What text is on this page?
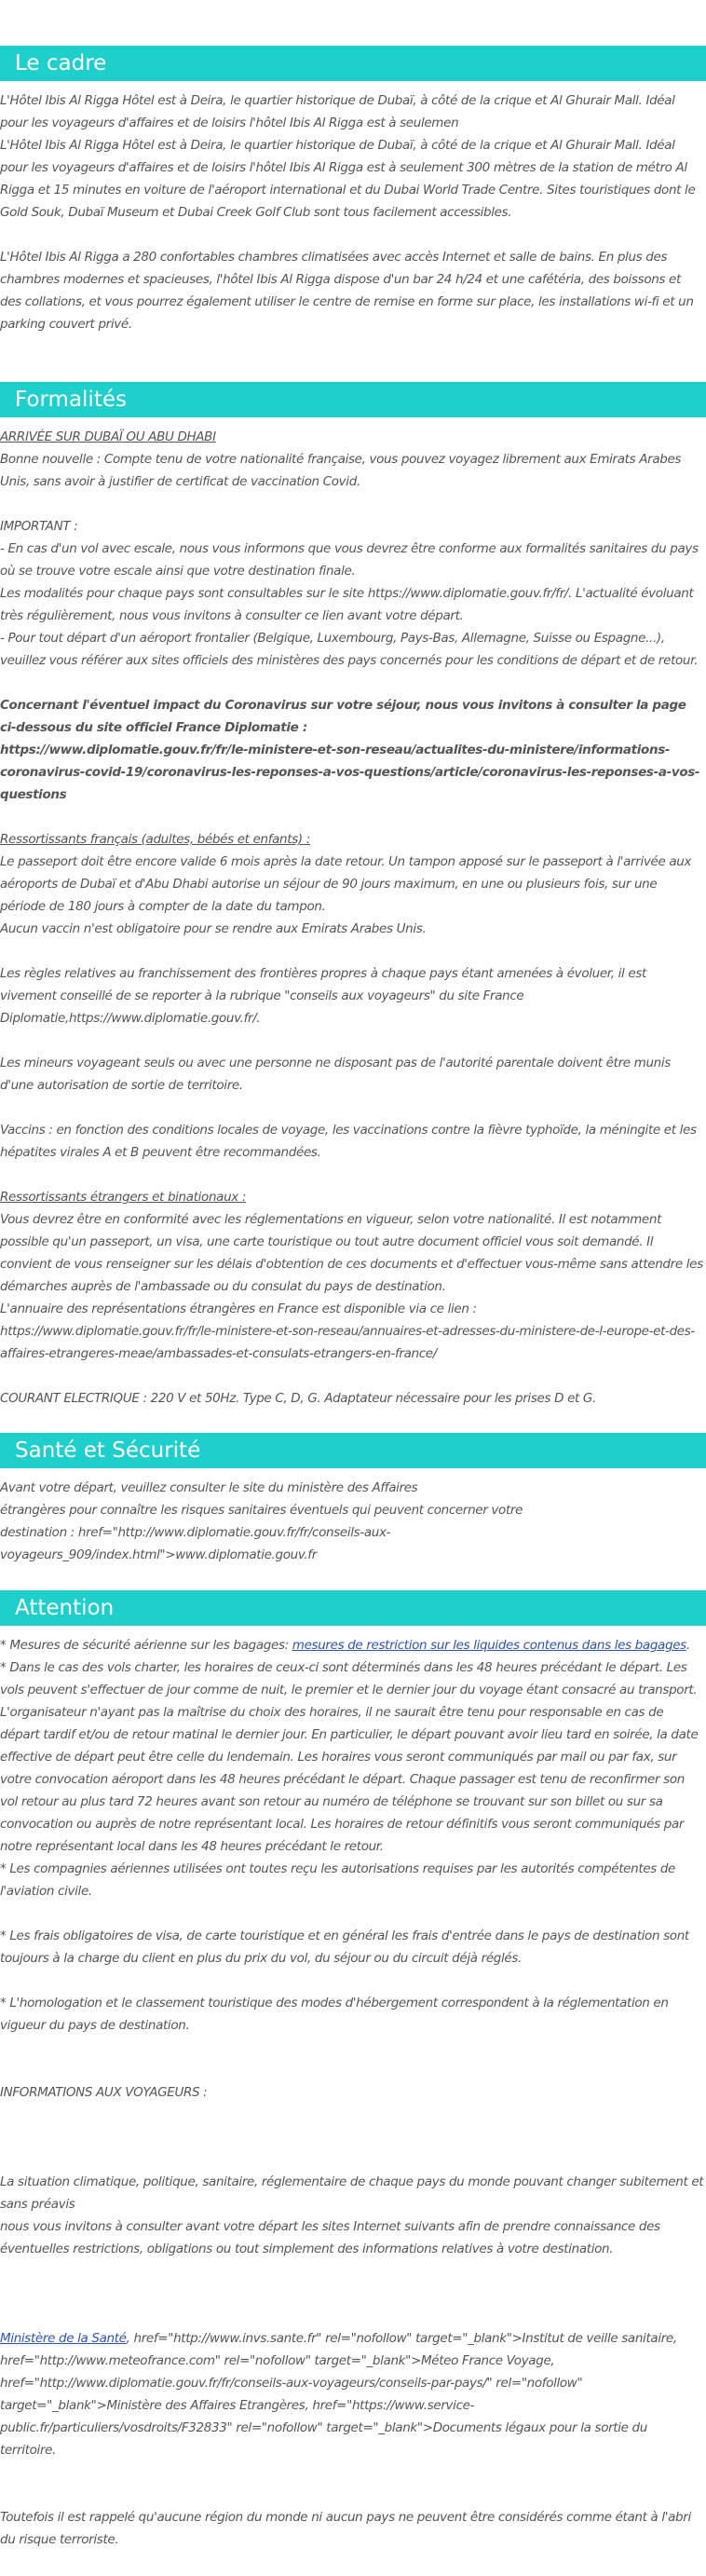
Le cadre

L'Hôtel Ibis Al Rigga Hôtel est à Deira, le quartier historique de Dubaï, à côté de la crique et Al Ghurair Mall. Idéal pour les voyageurs d'affaires et de loisirs l'hôtel Ibis Al Rigga est à seulemen
L'Hôtel Ibis Al Rigga Hôtel est à Deira, le quartier historique de Dubaï, à côté de la crique et Al Ghurair Mall. Idéal pour les voyageurs d'affaires et de loisirs l'hôtel Ibis Al Rigga est à seulement 300 mètres de la station de métro Al Rigga et 15 minutes en voiture de l'aéroport international et du Dubai World Trade Centre. Sites touristiques dont le Gold Souk, Dubaï Museum et Dubai Creek Golf Club sont tous facilement accessibles.

L'Hôtel Ibis Al Rigga a 280 confortables chambres climatisées avec accès Internet et salle de bains. En plus des chambres modernes et spacieuses, l'hôtel Ibis Al Rigga dispose d'un bar 24 h/24 et une cafétéria, des boissons et des collations, et vous pourrez également utiliser le centre de remise en forme sur place, les installations wi-fi et un parking couvert privé.

Formalités

ARRIVÉE SUR DUBAÏ OU ABU DHABI

Bonne nouvelle : Compte tenu de votre nationalité française, vous pouvez voyagez librement aux Emirats Arabes Unis, sans avoir à justifier de certificat de vaccination Covid.

IMPORTANT :
- En cas d'un vol avec escale, nous vous informons que vous devrez être conforme aux formalités sanitaires du pays où se trouve votre escale ainsi que votre destination finale.
Les modalités pour chaque pays sont consultables sur le site https://www.diplomatie.gouv.fr/fr/. L'actualité évoluant très régulièrement, nous vous invitons à consulter ce lien avant votre départ.
- Pour tout départ d'un aéroport frontalier (Belgique, Luxembourg, Pays-Bas, Allemagne, Suisse ou Espagne...), veuillez vous référer aux sites officiels des ministères des pays concernés pour les conditions de départ et de retour.

Concernant l'éventuel impact du Coronavirus sur votre séjour, nous vous invitons à consulter la page ci-dessous du site officiel France Diplomatie :
https://www.diplomatie.gouv.fr/fr/le-ministere-et-son-reseau/actualites-du-ministere/informations-coronavirus-covid-19/coronavirus-les-reponses-a-vos-questions/article/coronavirus-les-reponses-a-vos-questions

Ressortissants français (adultes, bébés et enfants) :

Le passeport doit être encore valide 6 mois après la date retour. Un tampon apposé sur le passeport à l'arrivée aux aéroports de Dubaï et d'Abu Dhabi autorise un séjour de 90 jours maximum, en une ou plusieurs fois, sur une période de 180 jours à compter de la date du tampon.
Aucun vaccin n'est obligatoire pour se rendre aux Emirats Arabes Unis.

Les règles relatives au franchissement des frontières propres à chaque pays étant amenées à évoluer, il est vivement conseillé de se reporter à la rubrique "conseils aux voyageurs" du site France Diplomatie,https://www.diplomatie.gouv.fr/.

Les mineurs voyageant seuls ou avec une personne ne disposant pas de l'autorité parentale doivent être munis d'une autorisation de sortie de territoire.

Vaccins : en fonction des conditions locales de voyage, les vaccinations contre la fièvre typhoïde, la méningite et les hépatites virales A et B peuvent être recommandées.

Ressortissants étrangers et binationaux :

Vous devrez être en conformité avec les réglementations en vigueur, selon votre nationalité. Il est notamment possible qu'un passeport, un visa, une carte touristique ou tout autre document officiel vous soit demandé. Il convient de vous renseigner sur les délais d'obtention de ces documents et d'effectuer vous-même sans attendre les démarches auprès de l'ambassade ou du consulat du pays de destination.
L'annuaire des représentations étrangères en France est disponible via ce lien :
https://www.diplomatie.gouv.fr/fr/le-ministere-et-son-reseau/annuaires-et-adresses-du-ministere-de-l-europe-et-des-affaires-etrangeres-meae/ambassades-et-consulats-etrangers-en-france/

COURANT ELECTRIQUE : 220 V et 50Hz. Type C, D, G. Adaptateur nécessaire pour les prises D et G.

Santé et Sécurité

Avant votre départ, veuillez consulter le site du ministère des Affaires
étrangères pour connaître les risques sanitaires éventuels qui peuvent concerner votre
destination : href="http://www.diplomatie.gouv.fr/fr/conseils-aux-voyageurs_909/index.html">www.diplomatie.gouv.fr

Attention

* Mesures de sécurité aérienne sur les bagages: mesures de restriction sur les liquides contenus dans les bagages.

* Dans le cas des vols charter, les horaires de ceux-ci sont déterminés dans les 48 heures précédant le départ. Les vols peuvent s'effectuer de jour comme de nuit, le premier et le dernier jour du voyage étant consacré au transport. L'organisateur n'ayant pas la maîtrise du choix des horaires, il ne saurait être tenu pour responsable en cas de départ tardif et/ou de retour matinal le dernier jour. En particulier, le départ pouvant avoir lieu tard en soirée, la date effective de départ peut être celle du lendemain. Les horaires vous seront communiqués par mail ou par fax, sur votre convocation aéroport dans les 48 heures précédant le départ. Chaque passager est tenu de reconfirmer son vol retour au plus tard 72 heures avant son retour au numéro de téléphone se trouvant sur son billet ou sur sa convocation ou auprès de notre représentant local. Les horaires de retour définitifs vous seront communiqués par notre représentant local dans les 48 heures précédant le retour.
* Les compagnies aériennes utilisées ont toutes reçu les autorisations requises par les autorités compétentes de l'aviation civile.

* Les frais obligatoires de visa, de carte touristique et en général les frais d'entrée dans le pays de destination sont toujours à la charge du client en plus du prix du vol, du séjour ou du circuit déjà réglés.

* L'homologation et le classement touristique des modes d'hébergement correspondent à la réglementation en vigueur du pays de destination.

INFORMATIONS AUX VOYAGEURS :

La situation climatique, politique, sanitaire, réglementaire de chaque pays du monde pouvant changer subitement et sans préavis
nous vous invitons à consulter avant votre départ les sites Internet suivants afin de prendre connaissance des éventuelles restrictions, obligations ou tout simplement des informations relatives à votre destination.

Ministère de la Santé, href="http://www.invs.sante.fr" rel="nofollow" target="_blank">Institut de veille sanitaire, href="http://www.meteofrance.com" rel="nofollow" target="_blank">Méteo France Voyage, href="http://www.diplomatie.gouv.fr/fr/conseils-aux-voyageurs/conseils-par-pays/" rel="nofollow" target="_blank">Ministère des Affaires Etrangères, href="https://www.service-public.fr/particuliers/vosdroits/F32833" rel="nofollow" target="_blank">Documents légaux pour la sortie du territoire.

Toutefois il est rappelé qu'aucune région du monde ni aucun pays ne peuvent être considérés comme étant à l'abri du risque terroriste.
